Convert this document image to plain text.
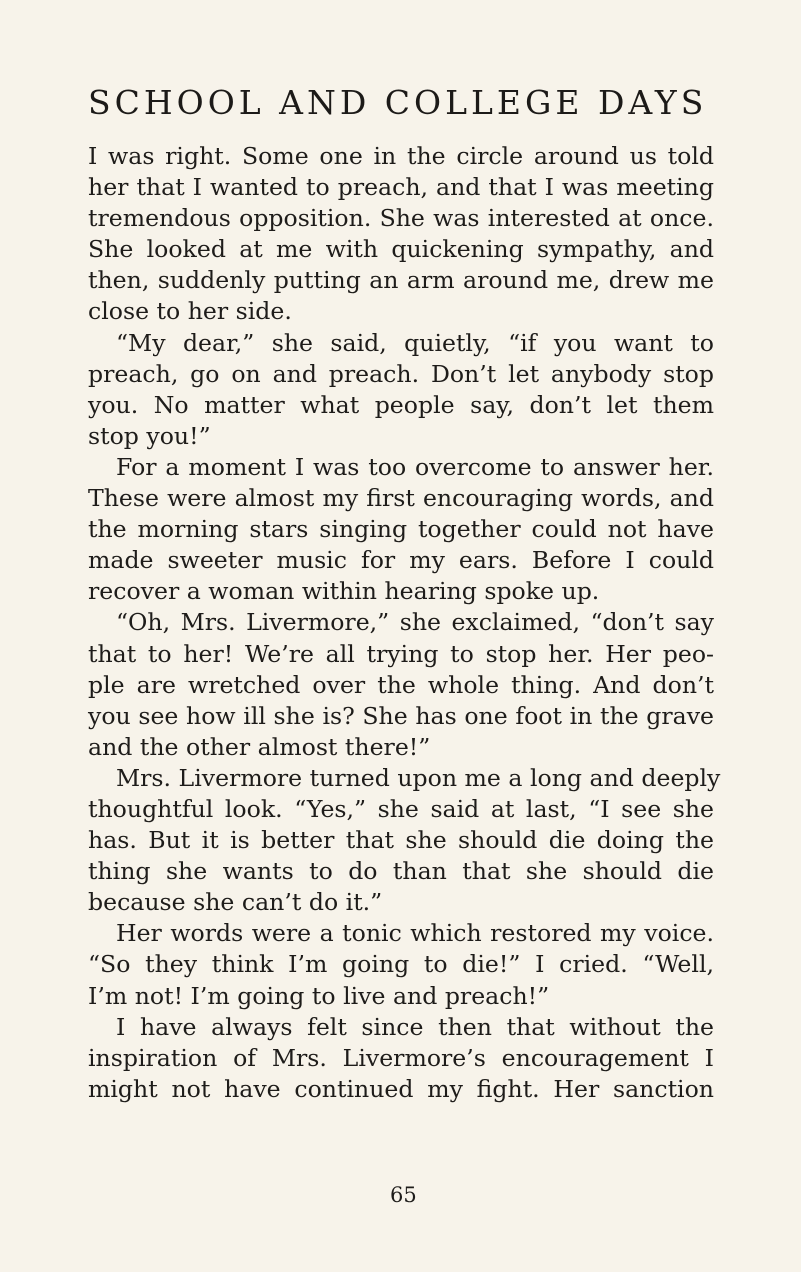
SCHOOL AND COLLEGE DAYS
I was right. Some one in the circle around us told
her that I wanted to preach, and that I was meeting
tremendous opposition. She was interested at once.
She looked at me with quickening sympathy, and
then, suddenly putting an arm around me, drew me
close to her side.
“My dear,” she said, quietly, “if you want to
preach, go on and preach. Don’t let anybody stop
you. No matter what people say, don’t let them
stop you!”
For a moment I was too overcome to answer her.
These were almost my first encouraging words, and
the morning stars singing together could not have
made sweeter music for my ears. Before I could
recover a woman within hearing spoke up.
“Oh, Mrs. Livermore,” she exclaimed, “don’t say
that to her! We’re all trying to stop her. Her peo-
ple are wretched over the whole thing. And don’t
you see how ill she is? She has one foot in the grave
and the other almost there!”
Mrs. Livermore turned upon me a long and deeply
thoughtful look. “Yes,” she said at last, “I see she
has. But it is better that she should die doing the
thing she wants to do than that she should die
because she can’t do it.”
Her words were a tonic which restored my voice.
“So they think I’m going to die!” I cried. “Well,
I’m not! I’m going to live and preach!”
I have always felt since then that without the
inspiration of Mrs. Livermore’s encouragement I
might not have continued my fight. Her sanction
65
